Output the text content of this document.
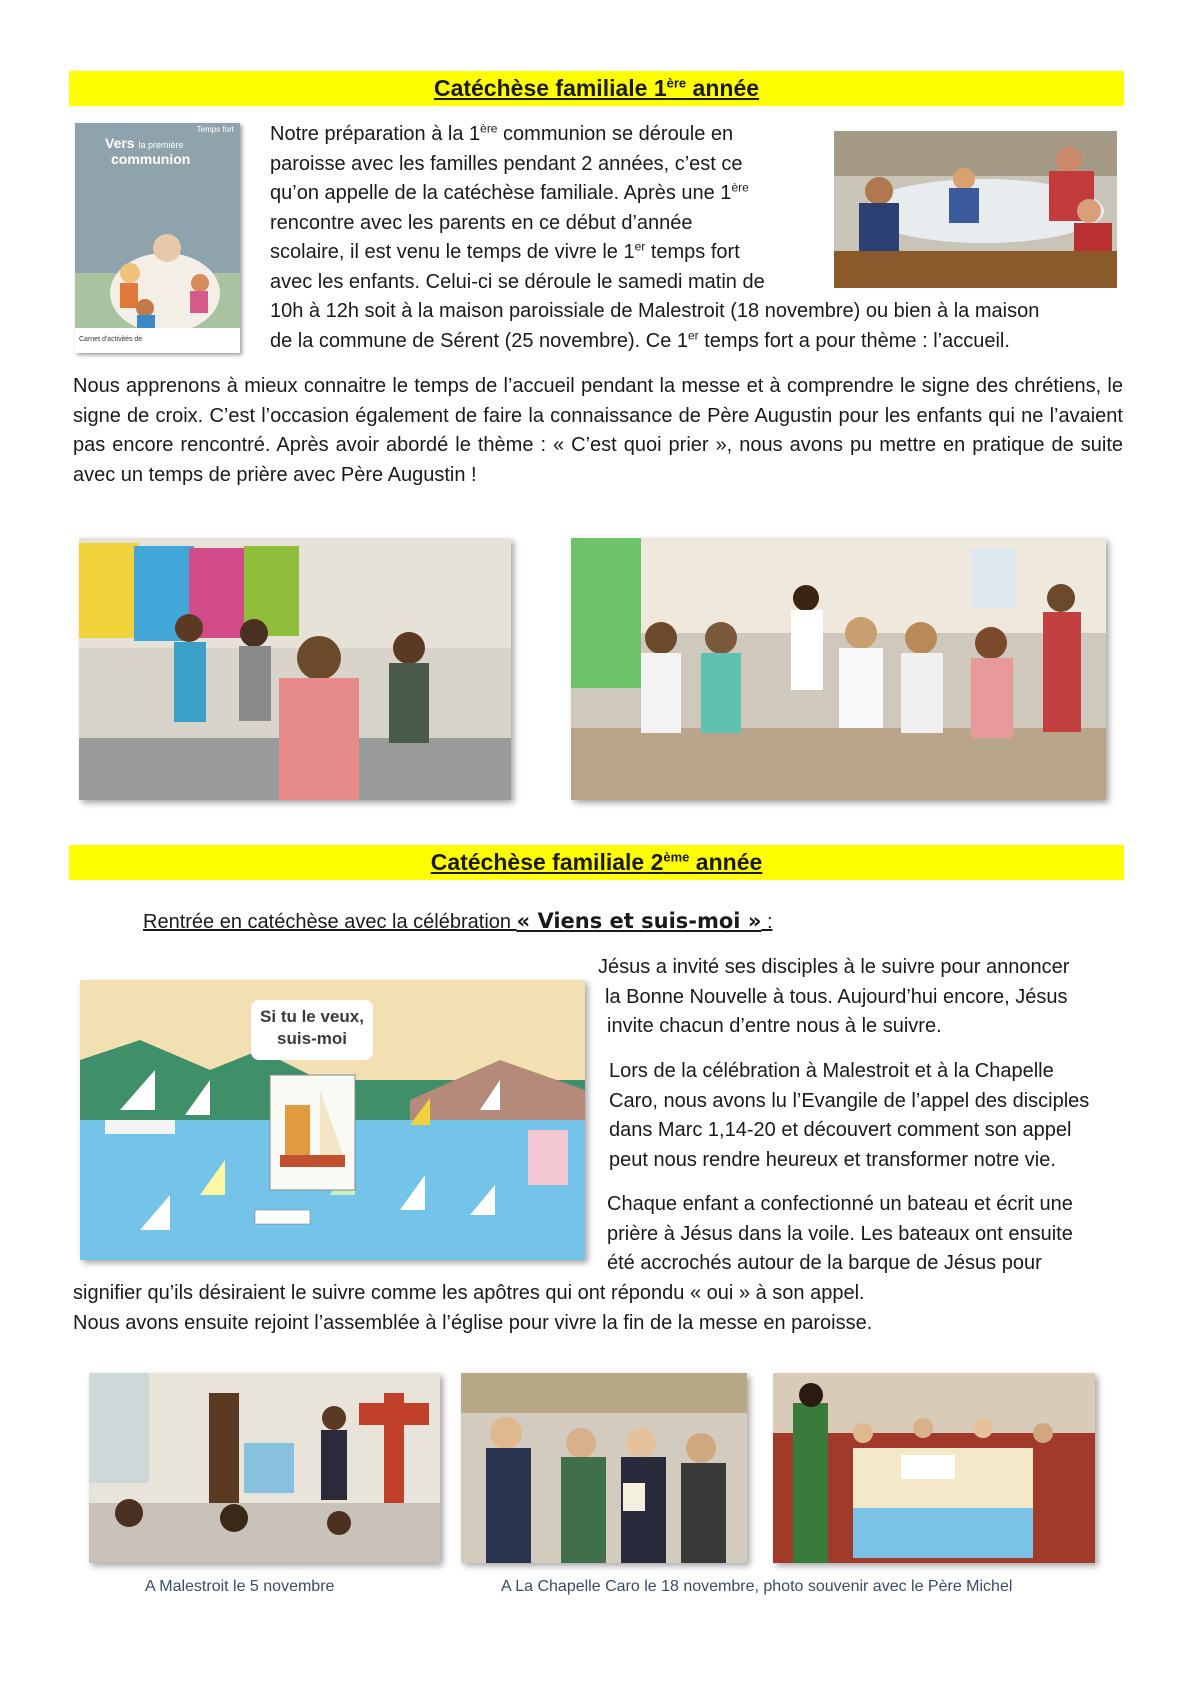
Catéchèse familiale 1ère année
Vers la première
communion
Temps fort
Carnet d'activités de

Notre préparation à la 1ère communion se déroule en

paroisse avec les familles pendant 2 années, c’est ce

qu’on appelle de la catéchèse familiale. Après une 1ère

rencontre avec les parents en ce début d’année

scolaire, il est venu le temps de vivre le 1er temps fort

avec les enfants. Celui-ci se déroule le samedi matin de

10h à 12h soit à la maison paroissiale de Malestroit (18 novembre) ou bien à la maison

de la commune de Sérent (25 novembre). Ce 1er temps fort a pour thème : l’accueil.

Nous apprenons à mieux connaitre le temps de l’accueil pendant la messe et à comprendre le signe des chrétiens, le signe de croix. C’est l’occasion également de faire la connaissance de Père Augustin pour les enfants qui ne l’avaient pas encore rencontré. Après avoir abordé le thème : « C’est quoi prier », nous avons pu mettre en pratique de suite avec un temps de prière avec Père Augustin !
Catéchèse familiale 2ème année
Rentrée en catéchèse avec la célébration « Viens et suis-moi » :
Si tu le veux,
suis-moi

Jésus a invité ses disciples à le suivre pour annoncer

la Bonne Nouvelle à tous. Aujourd’hui encore, Jésus

invite chacun d’entre nous à le suivre.

Lors de la célébration à Malestroit et à la Chapelle

Caro, nous avons lu l’Evangile de l’appel des disciples

dans Marc 1,14-20 et découvert comment son appel

peut nous rendre heureux et transformer notre vie.

Chaque enfant a confectionné un bateau et écrit une

prière à Jésus dans la voile. Les bateaux ont ensuite

été accrochés autour de la barque de Jésus pour

signifier qu’ils désiraient le suivre comme les apôtres qui ont répondu « oui » à son appel.

Nous avons ensuite rejoint l’assemblée à l’église pour vivre la fin de la messe en paroisse.

A Malestroit le 5 novembre	A La Chapelle Caro le 18 novembre, photo souvenir avec le Père Michel
